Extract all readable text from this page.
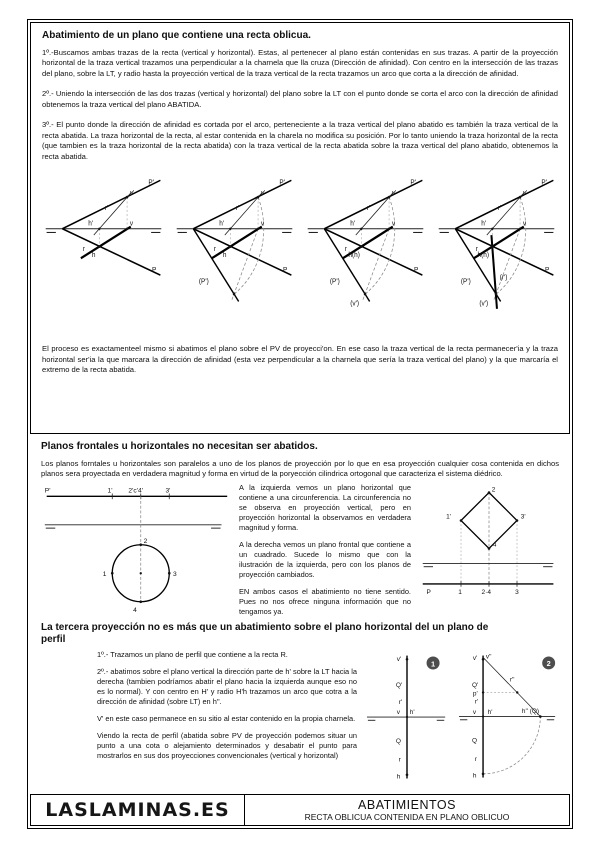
Abatimiento de un plano que contiene una recta oblicua.

1º.-Buscamos ambas trazas de la recta (vertical y horizontal). Estas, al pertenecer al plano están contenidas en sus trazas. A partir de la proyección horizontal de la traza vertical trazamos una perpendicular a la charnela que lla cruza (Dirección de afinidad). Con centro en la intersección de las trazas del plano, sobre la LT, y radio hasta la proyección vertical de la traza vertical de la recta trazamos un arco que corta a la dirección de afinidad.

2º.- Uniendo la intersección de las dos trazas (vertical y horizontal) del plano sobre la LT con el punto donde se corta el arco con la dirección de afinidad obtenemos la traza vertical del plano ABATIDA.

3º.- El punto donde la dirección de afinidad es cortada por el arco, perteneciente a la traza vertical del plano abatido es también la traza vertical de la recta abatida. La traza horizontal de la recta, al estar contenida en la charela no modifica su posición. Por lo tanto uniendo la traza horizontal de la recta (que tambien es la traza horizontal de la recta abatida) con la traza vertical de la recta abatida sobre la traza vertical del plano abatido, obtenemos la recta abatida.

P'
v'
r'
h'	v
r
h
P
P'
v'
r'
h'	v
r
h
P
(P')
P'
v'
r'
h'	v
r
h(h)
P
(P')
(v')
P'
v'
r'
h'	v
r
h(h)
P
(P')
(v')
(r')

El proceso es exactamenteel mismo si abatimos el plano sobre el PV de proyecci'on. En ese caso la traza vertical de la recta permanecer'ia y la traza horizontal ser'ia la que marcara la dirección de afinidad (esta vez perpendicular a la charnela que sería la traza vertical del plano) y la que marcaría el extremo de la recta abatida.

Planos frontales u horizontales no necesitan ser abatidos.

Los planos forntales u horizontales son paralelos a uno de los planos de proyección por lo que en esa proyección cualquier cosa contenida en dichos planos sera proyectada en verdadera magnitud y forma en virtud de la poryección cilindrica ortogonal que caracteriza el sistema diédrico.

P'	1' 2'c'4'	3'
1
2
3
4

A la izquierda vemos un plano horizontal que contiene a una circunferencia. La circunferencia no se observa en proyección vertical, pero en proyección horizontal la observamos en verdadera magnitud y forma.

A la derecha vemos un plano frontal que contiene a un cuadrado. Sucede lo mismo que con la ilustración de la izquierda, pero con los planos de proyección cambiados.

EN ambos casos el abatimiento no tiene sentido. Pues no nos ofrece ninguna información que no tengamos ya.

2
1'	3'
4
P	1	2·4	3
La tercera proyección no es más que un abatimiento sobre el plano horizontal del un plano de perfil

1º.- Trazamos un plano de perfil que contiene a la recta R.

2º.- abatimos sobre el plano vertical la dirección parte de h' sobre la LT hacia la derecha (tambien podríamos abatir el plano hacia la izquierda aunque eso no es lo normal). Y con centro en H' y radio H'h trazamos un arco que cotra a la dirección de afinidad (sobre LT) en h''.

V' en este caso permanece en su sitio al estar contenido en la propia charnela.

Viendo la recta de perfil (abatida sobre PV de proyección podemos situar un punto a una cota o alejamiento determinados y desabatir el punto para mostrarlos en sus dos proyecciones convencionales (vertical y horizontal)

v'
Q'
r'
v h'
Q
r
h
1
v' v''
Q'
r'
p'
r''
v h'	h'' (Q)
Q
r
h
2
LASLAMINAS.ES	ABATIMIENTOS
RECTA OBLICUA CONTENIDA EN PLANO OBLICUO
